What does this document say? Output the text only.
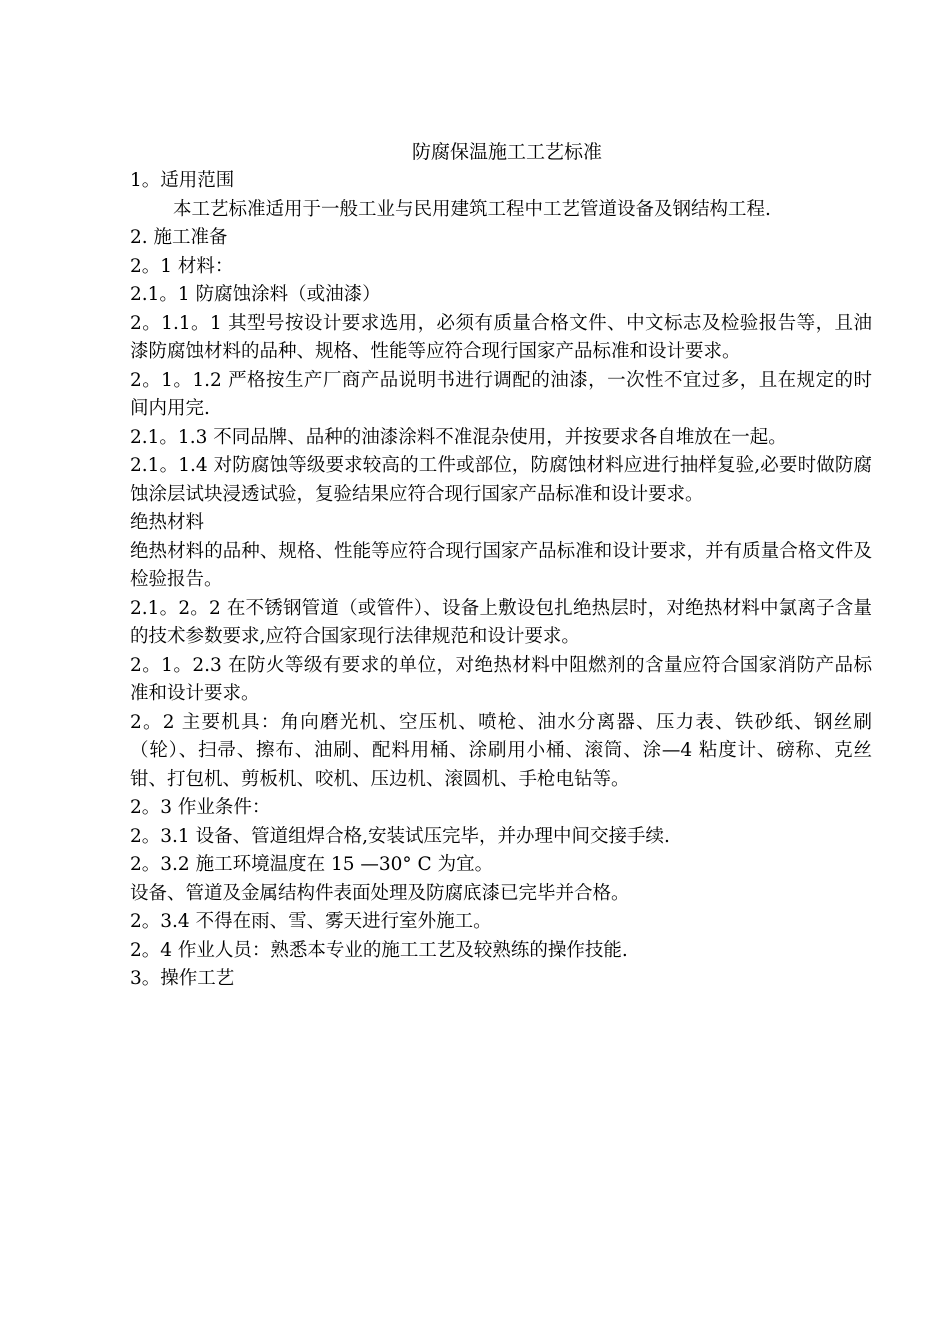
防腐保温施工工艺标准

1。适用范围

本工艺标准适用于一般工业与民用建筑工程中工艺管道设备及钢结构工程.

2. 施工准备

2。1 材料：

2.1。1 防腐蚀涂料（或油漆）

2。1.1。1 其型号按设计要求选用，必须有质量合格文件、中文标志及检验报告等，且油漆防腐蚀材料的品种、规格、性能等应符合现行国家产品标准和设计要求。

2。1。1.2 严格按生产厂商产品说明书进行调配的油漆，一次性不宜过多，且在规定的时间内用完.

2.1。1.3 不同品牌、品种的油漆涂料不准混杂使用，并按要求各自堆放在一起。

2.1。1.4 对防腐蚀等级要求较高的工件或部位，防腐蚀材料应进行抽样复验,必要时做防腐蚀涂层试块浸透试验，复验结果应符合现行国家产品标准和设计要求。

绝热材料

绝热材料的品种、规格、性能等应符合现行国家产品标准和设计要求，并有质量合格文件及检验报告。

2.1。2。2 在不锈钢管道（或管件）、设备上敷设包扎绝热层时，对绝热材料中氯离子含量的技术参数要求,应符合国家现行法律规范和设计要求。

2。1。2.3 在防火等级有要求的单位，对绝热材料中阻燃剂的含量应符合国家消防产品标准和设计要求。

2。2 主要机具：角向磨光机、空压机、喷枪、油水分离器、压力表、铁砂纸、钢丝刷（轮）、扫帚、擦布、油刷、配料用桶、涂刷用小桶、滚筒、涂—4 粘度计、磅称、克丝钳、打包机、剪板机、咬机、压边机、滚圆机、手枪电钻等。

2。3 作业条件：

2。3.1 设备、管道组焊合格,安装试压完毕，并办理中间交接手续.

2。3.2 施工环境温度在 15 —30° C 为宜。

设备、管道及金属结构件表面处理及防腐底漆已完毕并合格。

2。3.4 不得在雨、雪、雾天进行室外施工。

2。4 作业人员：熟悉本专业的施工工艺及较熟练的操作技能.

3。操作工艺
